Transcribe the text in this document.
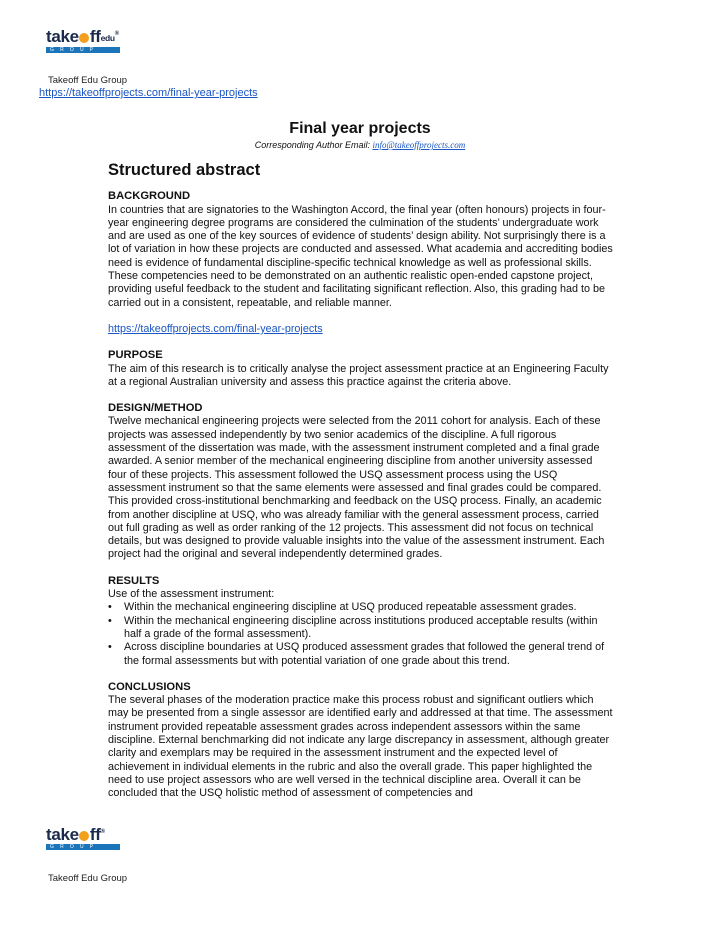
take ffedu®
GROUP
Takeoff Edu Group
https://takeoffprojects.com/final-year-projects
Final year projects
Corresponding Author Email: info@takeoffprojects.com
Structured abstract
BACKGROUND

In countries that are signatories to the Washington Accord, the final year (often honours) projects in four-year engineering degree programs are considered the culmination of the students’ undergraduate work and are used as one of the key sources of evidence of students’ design ability. Not surprisingly there is a lot of variation in how these projects are conducted and assessed. What academia and accrediting bodies need is evidence of fundamental discipline-specific technical knowledge as well as professional skills. These competencies need to be demonstrated on an authentic realistic open-ended capstone project, providing useful feedback to the student and facilitating significant reflection. Also, this grading had to be carried out in a consistent, repeatable, and reliable manner.

https://takeoffprojects.com/final-year-projects
PURPOSE

The aim of this research is to critically analyse the project assessment practice at an Engineering Faculty at a regional Australian university and assess this practice against the criteria above.

DESIGN/METHOD

Twelve mechanical engineering projects were selected from the 2011 cohort for analysis. Each of these projects was assessed independently by two senior academics of the discipline. A full rigorous assessment of the dissertation was made, with the assessment instrument completed and a final grade awarded. A senior member of the mechanical engineering discipline from another university assessed four of these projects. This assessment followed the USQ assessment process using the USQ assessment instrument so that the same elements were assessed and final grades could be compared. This provided cross-institutional benchmarking and feedback on the USQ process. Finally, an academic from another discipline at USQ, who was already familiar with the general assessment process, carried out full grading as well as order ranking of the 12 projects. This assessment did not focus on technical details, but was designed to provide valuable insights into the value of the assessment instrument. Each project had the original and several independently determined grades.

RESULTS

Use of the assessment instrument:

• Within the mechanical engineering discipline at USQ produced repeatable assessment grades.
• Within the mechanical engineering discipline across institutions produced acceptable results (within half a grade of the formal assessment).
• Across discipline boundaries at USQ produced assessment grades that followed the general trend of the formal assessments but with potential variation of one grade about this trend.
CONCLUSIONS

The several phases of the moderation practice make this process robust and significant outliers which may be presented from a single assessor are identified early and addressed at that time. The assessment instrument provided repeatable assessment grades across independent assessors within the same discipline. External benchmarking did not indicate any large discrepancy in assessment, although greater clarity and exemplars may be required in the assessment instrument and the expected level of achievement in individual elements in the rubric and also the overall grade. This paper highlighted the need to use project assessors who are well versed in the technical discipline area. Overall it can be concluded that the USQ holistic method of assessment of competencies and

take ff®
GROUP
Takeoff Edu Group
